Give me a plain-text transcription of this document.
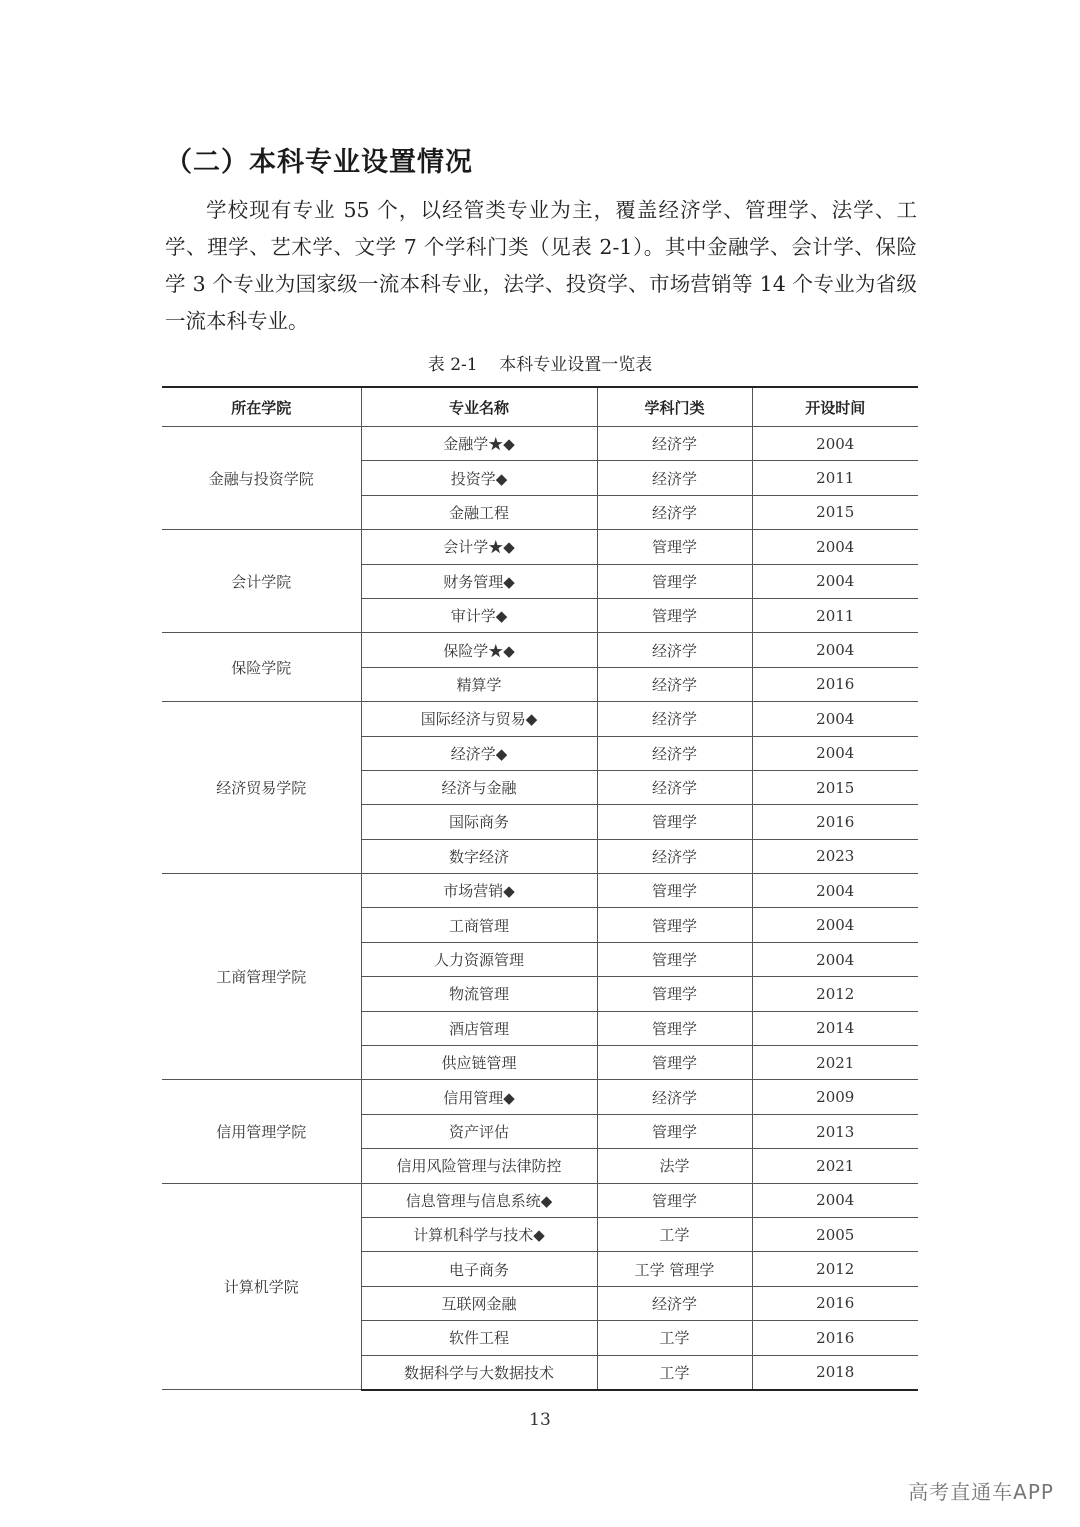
（二）本科专业设置情况

学校现有专业 55 个，以经管类专业为主，覆盖经济学、管理学、法学、工学、理学、艺术学、文学 7 个学科门类（见表 2-1）。其中金融学、会计学、保险学 3 个专业为国家级一流本科专业，法学、投资学、市场营销等 14 个专业为省级一流本科专业。

表 2-1    本科专业设置一览表
所在学院	专业名称	学科门类	开设时间
金融与投资学院	金融学★◆	经济学	2004
	投资学◆	经济学	2011
	金融工程	经济学	2015
会计学院	会计学★◆	管理学	2004
	财务管理◆	管理学	2004
	审计学◆	管理学	2011
保险学院	保险学★◆	经济学	2004
	精算学	经济学	2016
经济贸易学院	国际经济与贸易◆	经济学	2004
	经济学◆	经济学	2004
	经济与金融	经济学	2015
	国际商务	管理学	2016
	数字经济	经济学	2023
工商管理学院	市场营销◆	管理学	2004
	工商管理	管理学	2004
	人力资源管理	管理学	2004
	物流管理	管理学	2012
	酒店管理	管理学	2014
	供应链管理	管理学	2021
信用管理学院	信用管理◆	经济学	2009
	资产评估	管理学	2013
	信用风险管理与法律防控	法学	2021
计算机学院	信息管理与信息系统◆	管理学	2004
	计算机科学与技术◆	工学	2005
	电子商务	工学 管理学	2012
	互联网金融	经济学	2016
	软件工程	工学	2016
	数据科学与大数据技术	工学	2018
13
高考直通车APP
